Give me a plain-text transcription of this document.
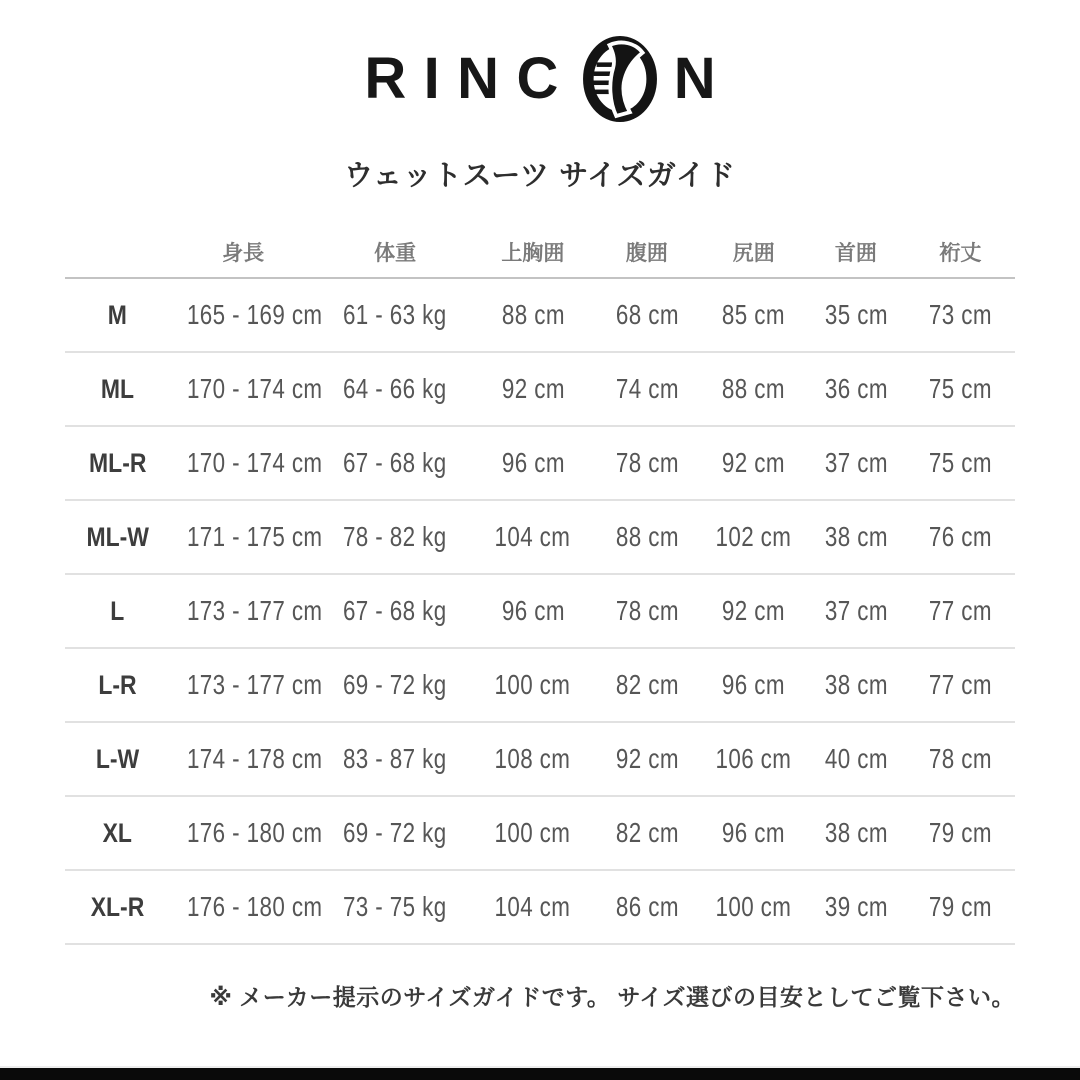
RINC N
ウェットスーツ サイズガイド
	身長	体重	上胸囲	腹囲	尻囲	首囲	裄丈
M	165 - 169 cm	61 - 63 kg	88 cm	68 cm	85 cm	35 cm	73 cm
ML	170 - 174 cm	64 - 66 kg	92 cm	74 cm	88 cm	36 cm	75 cm
ML-R	170 - 174 cm	67 - 68 kg	96 cm	78 cm	92 cm	37 cm	75 cm
ML-W	171 - 175 cm	78 - 82 kg	104 cm	88 cm	102 cm	38 cm	76 cm
L	173 - 177 cm	67 - 68 kg	96 cm	78 cm	92 cm	37 cm	77 cm
L-R	173 - 177 cm	69 - 72 kg	100 cm	82 cm	96 cm	38 cm	77 cm
L-W	174 - 178 cm	83 - 87 kg	108 cm	92 cm	106 cm	40 cm	78 cm
XL	176 - 180 cm	69 - 72 kg	100 cm	82 cm	96 cm	38 cm	79 cm
XL-R	176 - 180 cm	73 - 75 kg	104 cm	86 cm	100 cm	39 cm	79 cm

※ メーカー提示のサイズガイドです。 サイズ選びの目安としてご覧下さい。
